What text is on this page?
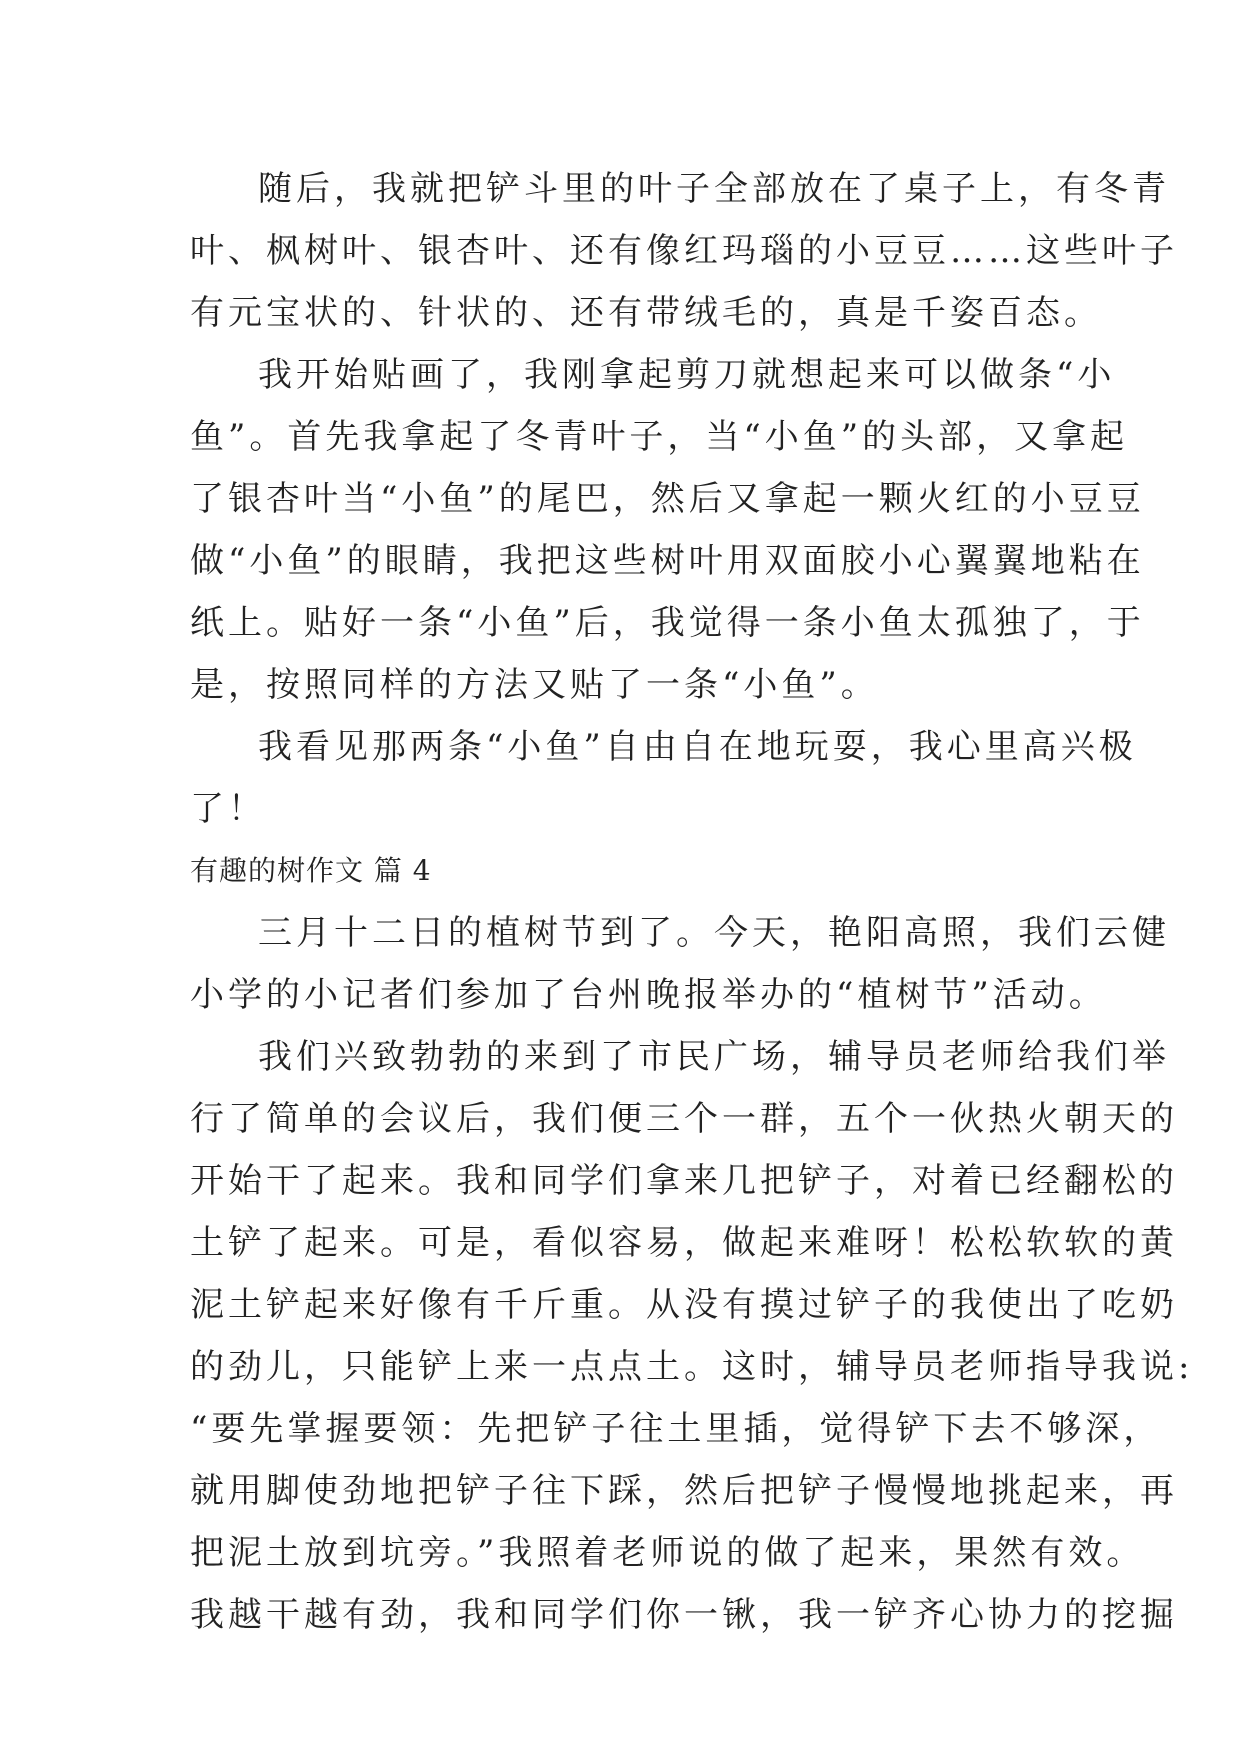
随后，我就把铲斗里的叶子全部放在了桌子上，有冬青
叶、枫树叶、银杏叶、还有像红玛瑙的小豆豆……这些叶子
有元宝状的、针状的、还有带绒毛的，真是千姿百态。
我开始贴画了，我刚拿起剪刀就想起来可以做条“小
鱼”。首先我拿起了冬青叶子，当“小鱼”的头部，又拿起
了银杏叶当“小鱼”的尾巴，然后又拿起一颗火红的小豆豆
做“小鱼”的眼睛，我把这些树叶用双面胶小心翼翼地粘在
纸上。贴好一条“小鱼”后，我觉得一条小鱼太孤独了，于
是，按照同样的方法又贴了一条“小鱼”。
我看见那两条“小鱼”自由自在地玩耍，我心里高兴极
了！
有趣的树作文 篇 4
三月十二日的植树节到了。今天，艳阳高照，我们云健
小学的小记者们参加了台州晚报举办的“植树节”活动。
我们兴致勃勃的来到了市民广场，辅导员老师给我们举
行了简单的会议后，我们便三个一群，五个一伙热火朝天的
开始干了起来。我和同学们拿来几把铲子，对着已经翻松的
土铲了起来。可是，看似容易，做起来难呀！松松软软的黄
泥土铲起来好像有千斤重。从没有摸过铲子的我使出了吃奶
的劲儿，只能铲上来一点点土。这时，辅导员老师指导我说:
“要先掌握要领：先把铲子往土里插，觉得铲下去不够深，
就用脚使劲地把铲子往下踩，然后把铲子慢慢地挑起来，再
把泥土放到坑旁。”我照着老师说的做了起来，果然有效。
我越干越有劲，我和同学们你一锹，我一铲齐心协力的挖掘
